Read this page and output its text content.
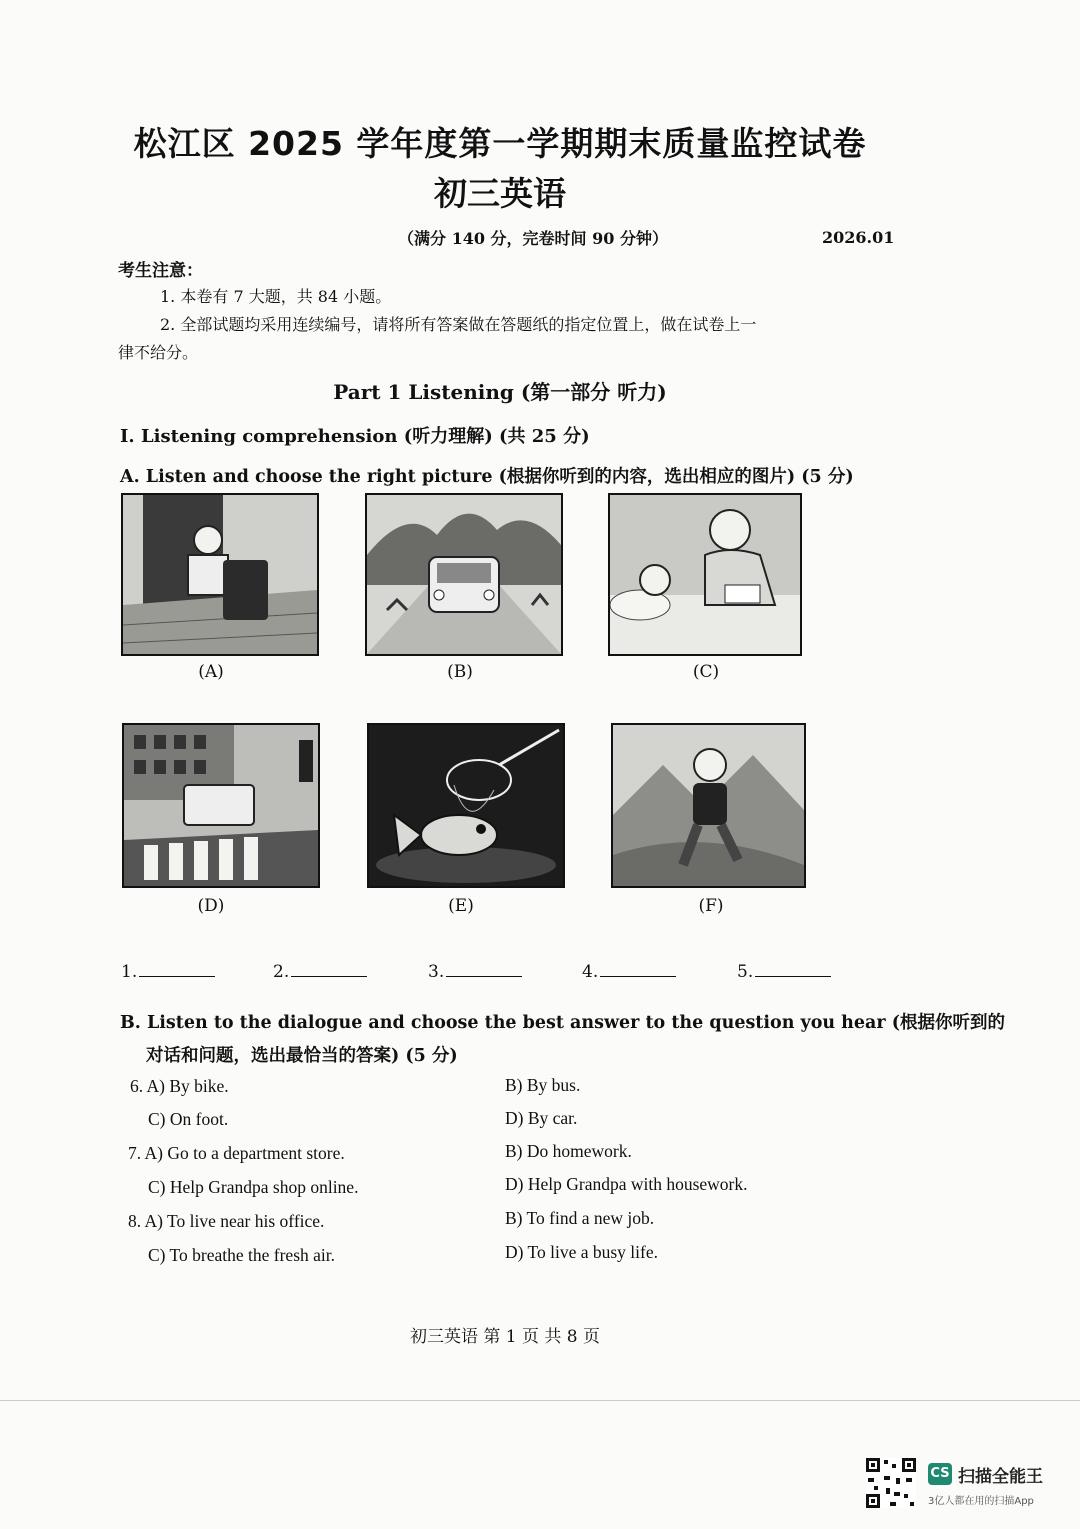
松江区 2025 学年度第一学期期末质量监控试卷
初三英语
（满分 140 分，完卷时间 90 分钟）	2026.01
考生注意：
1. 本卷有 7 大题，共 84 小题。
2. 全部试题均采用连续编号，请将所有答案做在答题纸的指定位置上，做在试卷上一
律不给分。
Part 1 Listening (第一部分 听力)
I. Listening comprehension (听力理解) (共 25 分)
A. Listen and choose the right picture (根据你听到的内容，选出相应的图片) (5 分)
(A)	(B)	(C)
(D)	(E)	(F)
1.	2.	3.	4.	5.
B. Listen to the dialogue and choose the best answer to the question you hear (根据你听到的
对话和问题，选出最恰当的答案) (5 分)
6. A) By bike.	B) By bus.
C) On foot.	D) By car.
7. A) Go to a department store.	B) Do homework.
C) Help Grandpa shop online.	D) Help Grandpa with housework.
8. A) To live near his office.	B) To find a new job.
C) To breathe the fresh air.	D) To live a busy life.
初三英语 第 1 页 共 8 页
CS 扫描全能王
3亿人都在用的扫描App
